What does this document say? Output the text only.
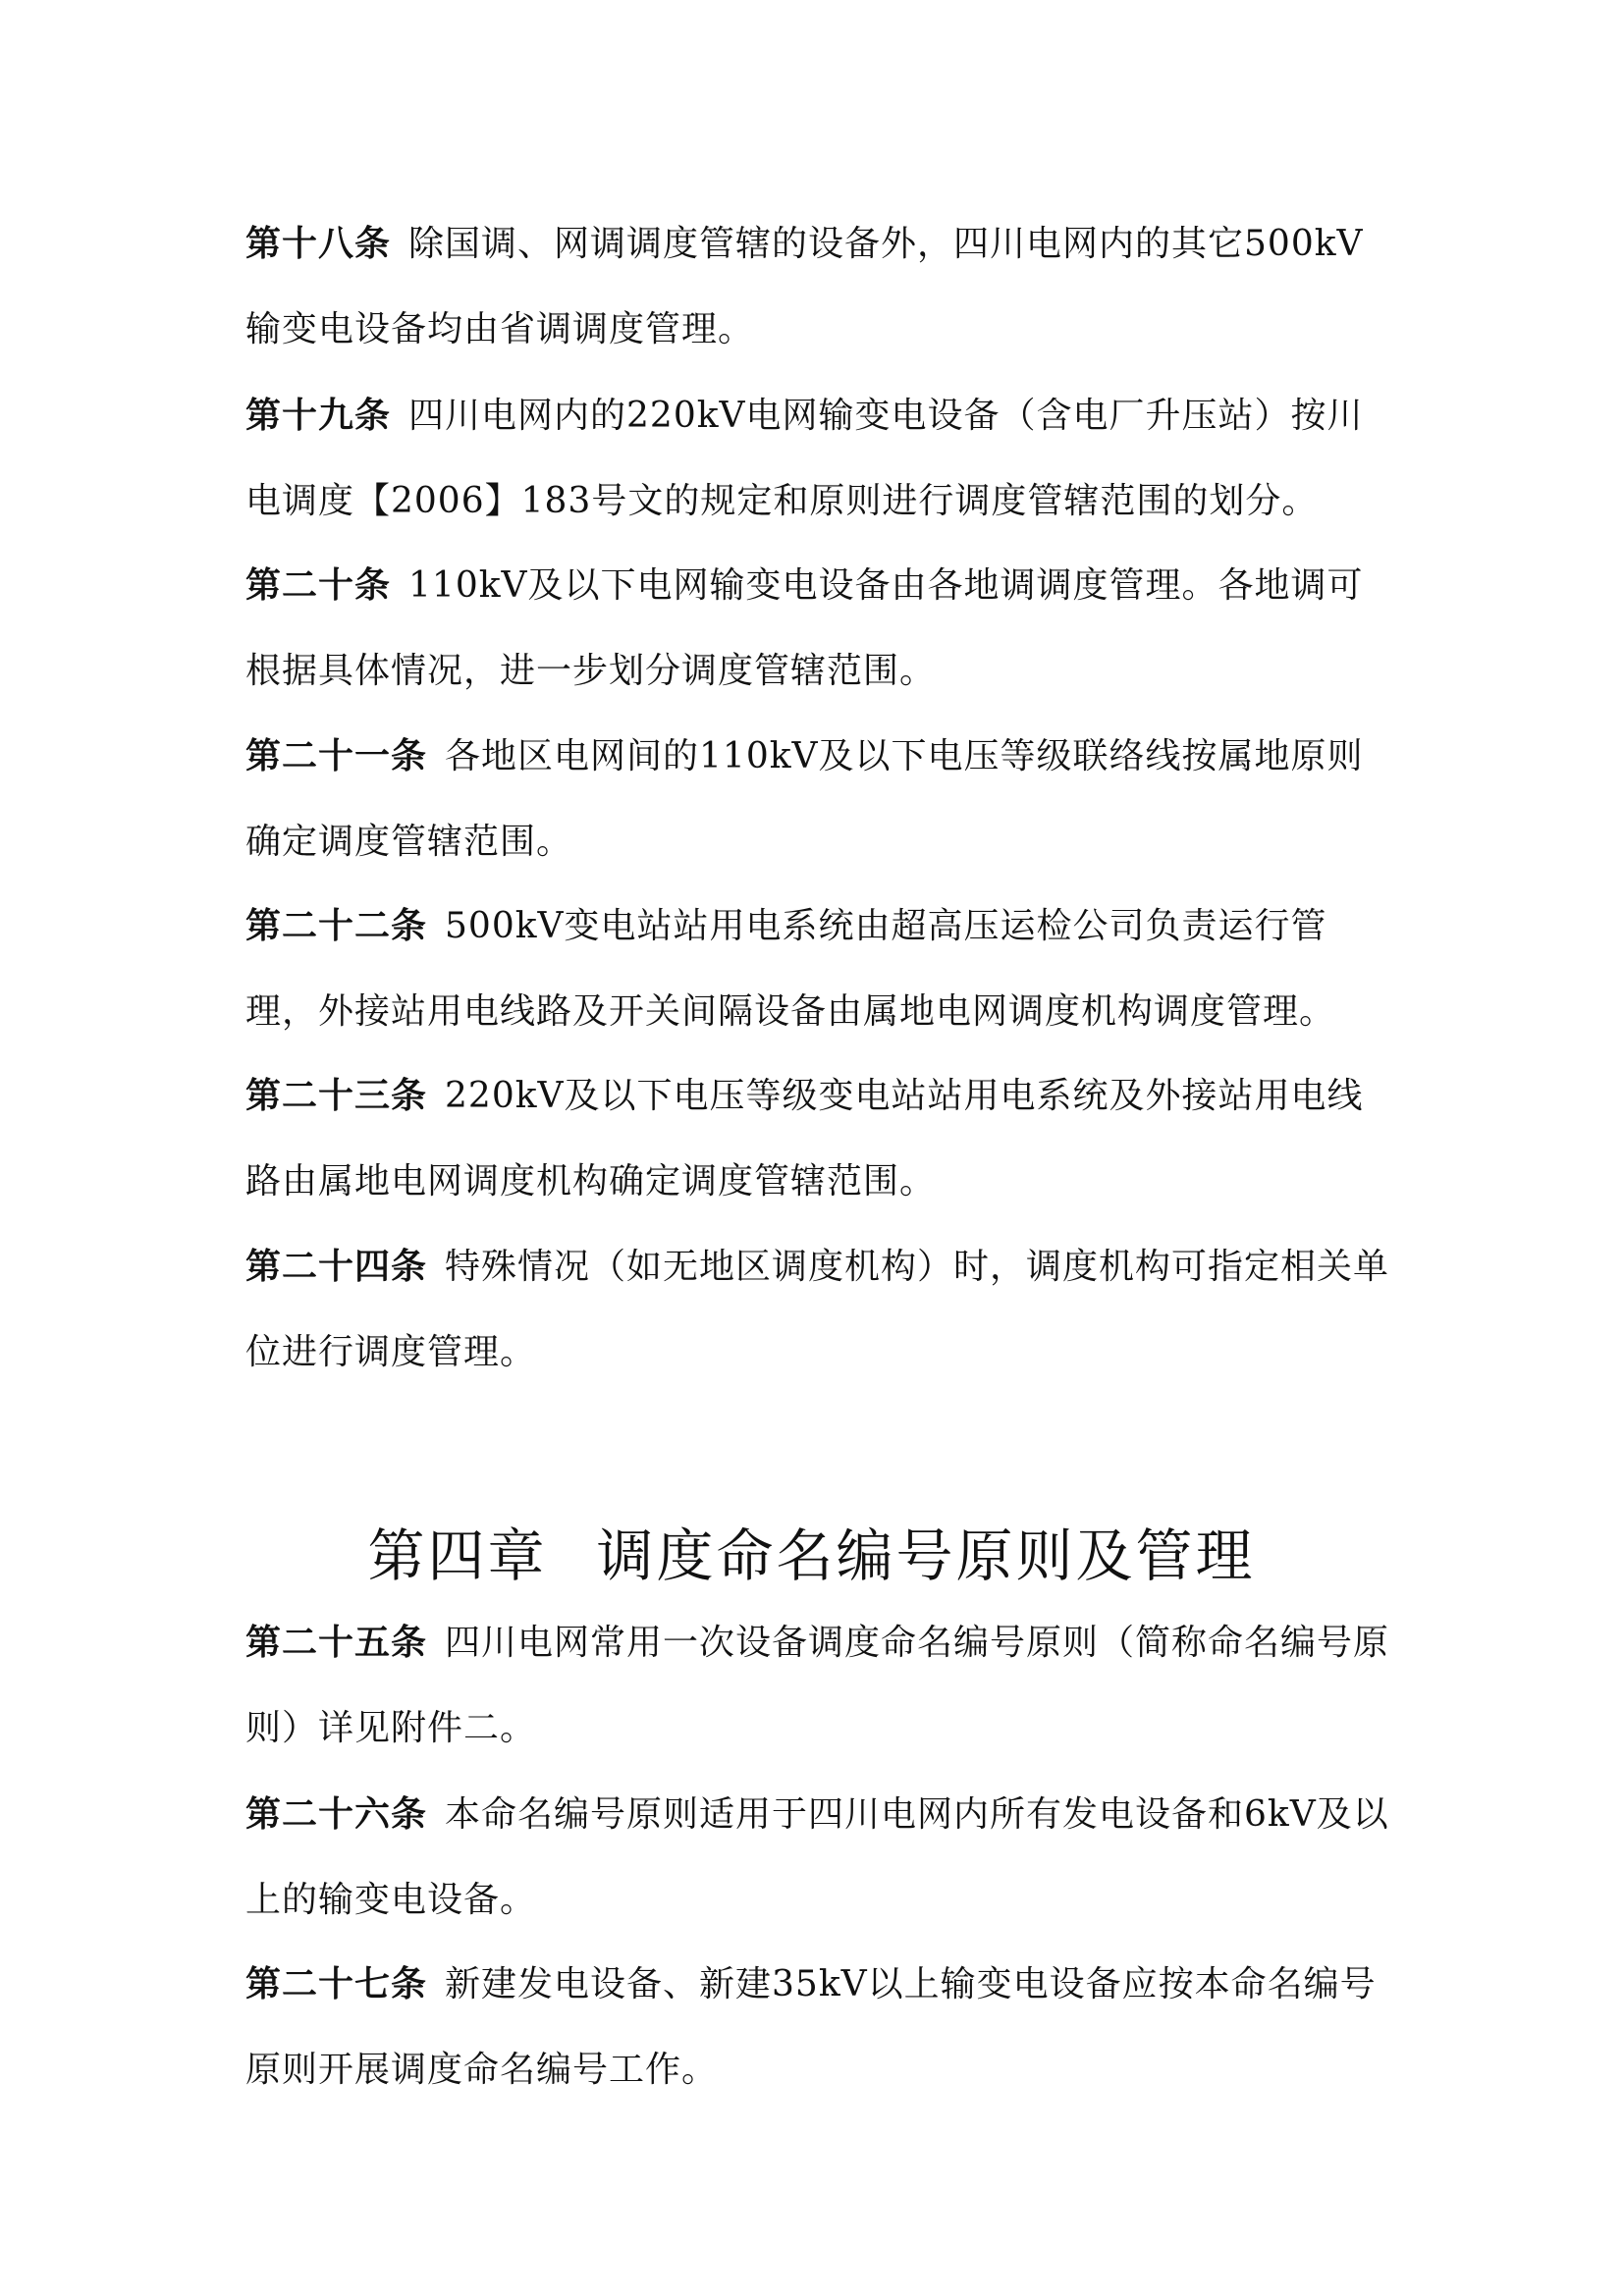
第十八条 除国调、网调调度管辖的设备外，四川电网内的其它500kV输变电设备均由省调调度管理。

第十九条 四川电网内的220kV电网输变电设备（含电厂升压站）按川电调度【2006】183号文的规定和原则进行调度管辖范围的划分。

第二十条 110kV及以下电网输变电设备由各地调调度管理。各地调可根据具体情况，进一步划分调度管辖范围。

第二十一条 各地区电网间的110kV及以下电压等级联络线按属地原则确定调度管辖范围。

第二十二条 500kV变电站站用电系统由超高压运检公司负责运行管理，外接站用电线路及开关间隔设备由属地电网调度机构调度管理。

第二十三条 220kV及以下电压等级变电站站用电系统及外接站用电线路由属地电网调度机构确定调度管辖范围。

第二十四条 特殊情况（如无地区调度机构）时，调度机构可指定相关单位进行调度管理。

第四章 调度命名编号原则及管理

第二十五条 四川电网常用一次设备调度命名编号原则（简称命名编号原则）详见附件二。

第二十六条 本命名编号原则适用于四川电网内所有发电设备和6kV及以上的输变电设备。

第二十七条 新建发电设备、新建35kV以上输变电设备应按本命名编号原则开展调度命名编号工作。
